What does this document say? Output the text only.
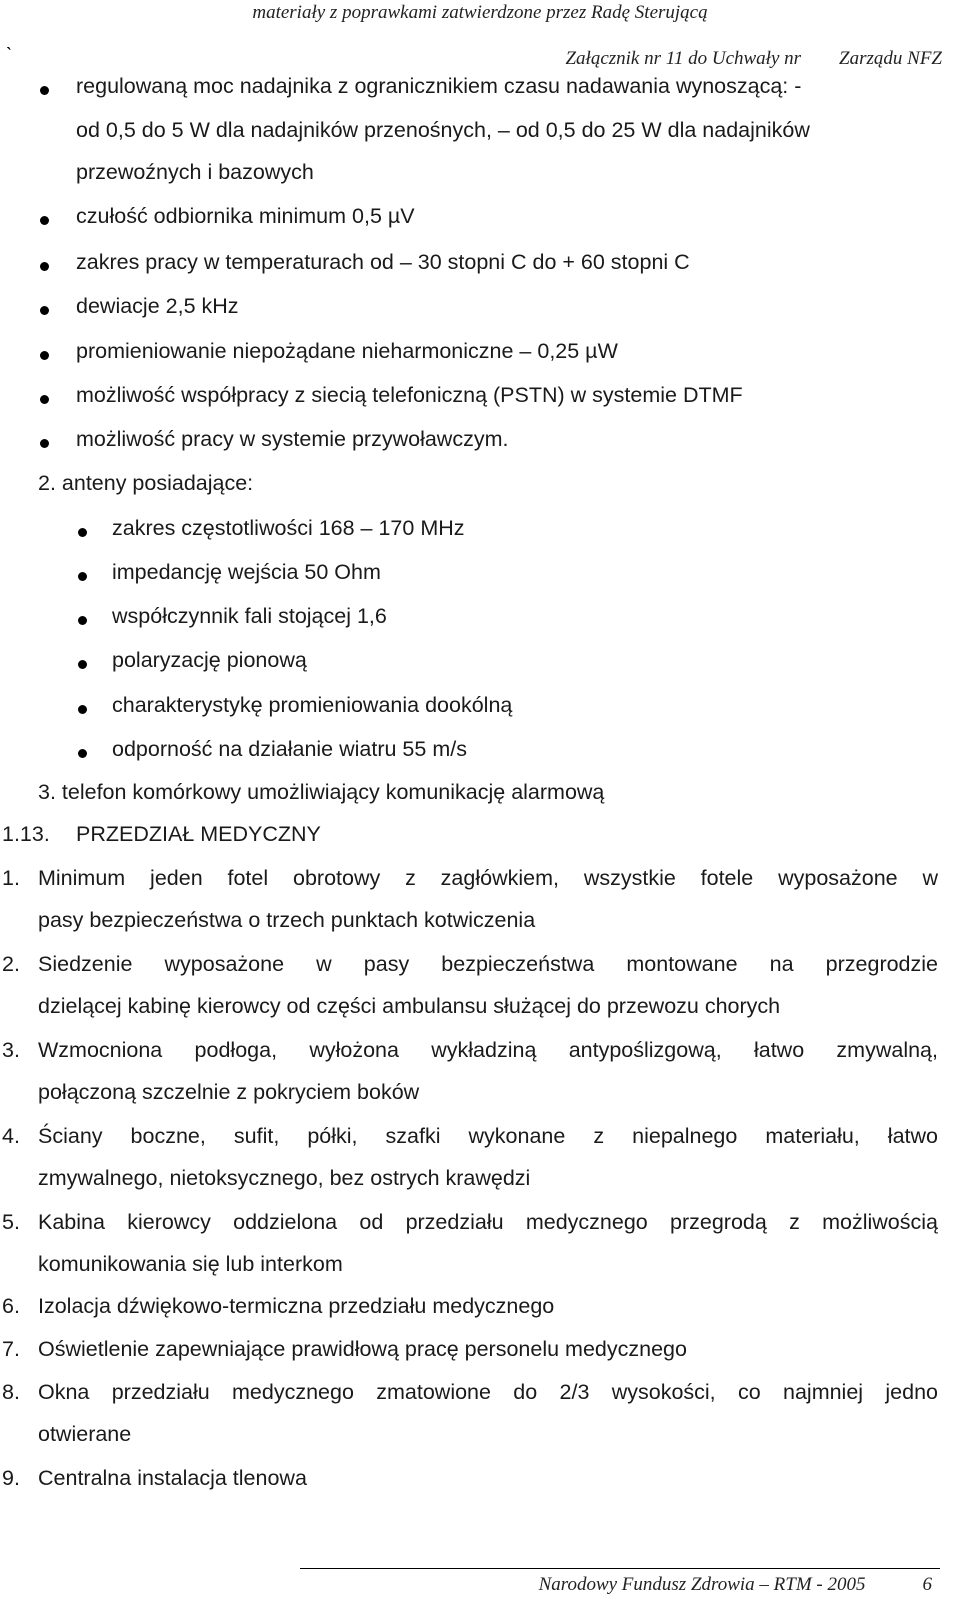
materiały z poprawkami zatwierdzone przez Radę Sterującą
`	Załącznik nr 11 do Uchwały nr        Zarządu NFZ
regulowaną moc nadajnika z ogranicznikiem czasu nadawania wynoszącą: -
od 0,5 do 5 W dla nadajników przenośnych, – od 0,5 do 25 W dla nadajników
przewoźnych i bazowych
czułość odbiornika minimum 0,5 µV
zakres pracy w temperaturach od – 30 stopni C do + 60 stopni C
dewiacje 2,5 kHz
promieniowanie niepożądane nieharmoniczne – 0,25 µW
możliwość współpracy z siecią telefoniczną (PSTN) w systemie DTMF
możliwość pracy w systemie przywoławczym.
2. anteny posiadające:
zakres częstotliwości 168 – 170 MHz
impedancję wejścia 50 Ohm
współczynnik fali stojącej 1,6
polaryzację pionową
charakterystykę promieniowania dookólną
odporność na działanie wiatru 55 m/s
3. telefon komórkowy umożliwiający komunikację alarmową
1.13. PRZEDZIAŁ MEDYCZNY
1. Minimum jeden fotel obrotowy z zagłówkiem, wszystkie fotele wyposażone w
pasy bezpieczeństwa o trzech punktach kotwiczenia
2. Siedzenie wyposażone w pasy bezpieczeństwa montowane na przegrodzie
dzielącej kabinę kierowcy od części ambulansu służącej do przewozu chorych
3. Wzmocniona podłoga, wyłożona wykładziną antypoślizgową, łatwo zmywalną,
połączoną szczelnie z pokryciem boków
4. Ściany boczne, sufit, półki, szafki wykonane z niepalnego materiału, łatwo
zmywalnego, nietoksycznego, bez ostrych krawędzi
5. Kabina kierowcy oddzielona od przedziału medycznego przegrodą z możliwością
komunikowania się lub interkom
6. Izolacja dźwiękowo-termiczna przedziału medycznego
7. Oświetlenie zapewniające prawidłową pracę personelu medycznego
8. Okna przedziału medycznego zmatowione do 2/3 wysokości, co najmniej jedno
otwierane
9. Centralna instalacja tlenowa
Narodowy Fundusz Zdrowia – RTM - 2005            6
